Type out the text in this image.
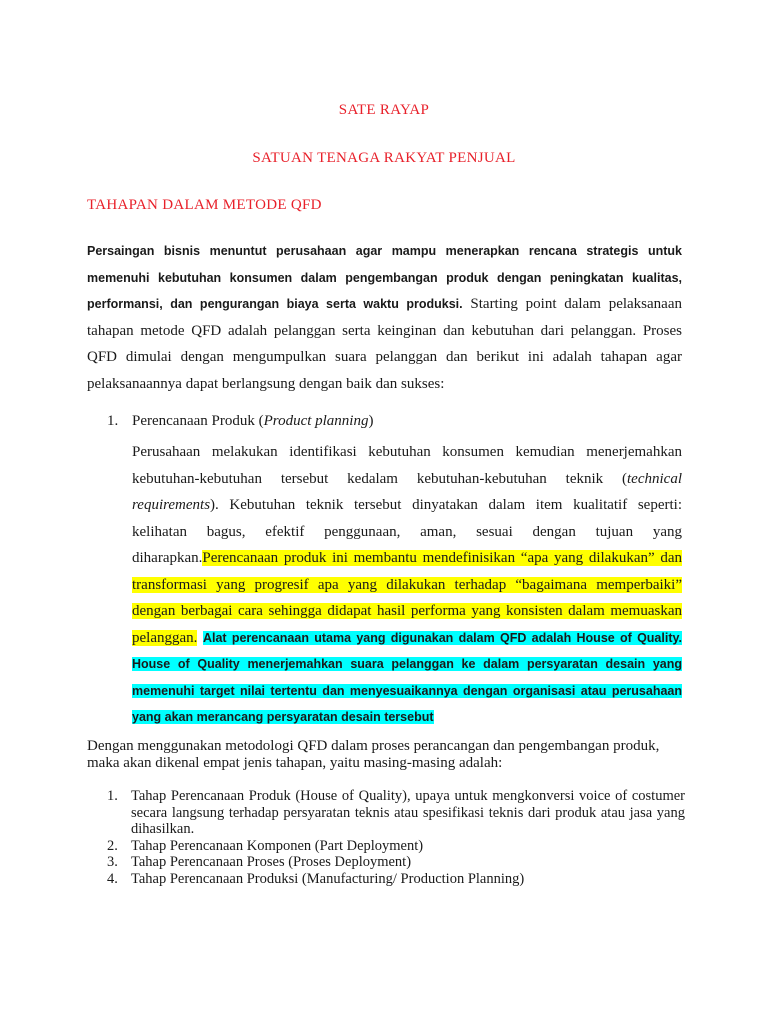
SATE RAYAP
SATUAN TENAGA RAKYAT PENJUAL
TAHAPAN DALAM METODE QFD
Persaingan bisnis menuntut perusahaan agar mampu menerapkan rencana strategis untuk memenuhi kebutuhan konsumen dalam pengembangan produk dengan peningkatan kualitas, performansi, dan pengurangan biaya serta waktu produksi. Starting point dalam pelaksanaan tahapan metode QFD adalah pelanggan serta keinginan dan kebutuhan dari pelanggan. Proses QFD dimulai dengan mengumpulkan suara pelanggan dan berikut ini adalah tahapan agar pelaksanaannya dapat berlangsung dengan baik dan sukses:
1. Perencanaan Produk (Product planning)
Perusahaan melakukan identifikasi kebutuhan konsumen kemudian menerjemahkan kebutuhan-kebutuhan tersebut kedalam kebutuhan-kebutuhan teknik (technical requirements). Kebutuhan teknik tersebut dinyatakan dalam item kualitatif seperti: kelihatan bagus, efektif penggunaan, aman, sesuai dengan tujuan yang diharapkan.Perencanaan produk ini membantu mendefinisikan “apa yang dilakukan” dan transformasi yang progresif apa yang dilakukan terhadap “bagaimana memperbaiki” dengan berbagai cara sehingga didapat hasil performa yang konsisten dalam memuaskan pelanggan. Alat perencanaan utama yang digunakan dalam QFD adalah House of Quality. House of Quality menerjemahkan suara pelanggan ke dalam persyaratan desain yang memenuhi target nilai tertentu dan menyesuaikannya dengan organisasi atau perusahaan yang akan merancang persyaratan desain tersebut
Dengan menggunakan metodologi QFD dalam proses perancangan dan pengembangan produk, maka akan dikenal empat jenis tahapan, yaitu masing-masing adalah:
1. Tahap Perencanaan Produk (House of Quality), upaya untuk mengkonversi voice of costumer secara langsung terhadap persyaratan teknis atau spesifikasi teknis dari produk atau jasa yang dihasilkan.
2. Tahap Perencanaan Komponen (Part Deployment)
3. Tahap Perencanaan Proses (Proses Deployment)
4. Tahap Perencanaan Produksi (Manufacturing/ Production Planning)
